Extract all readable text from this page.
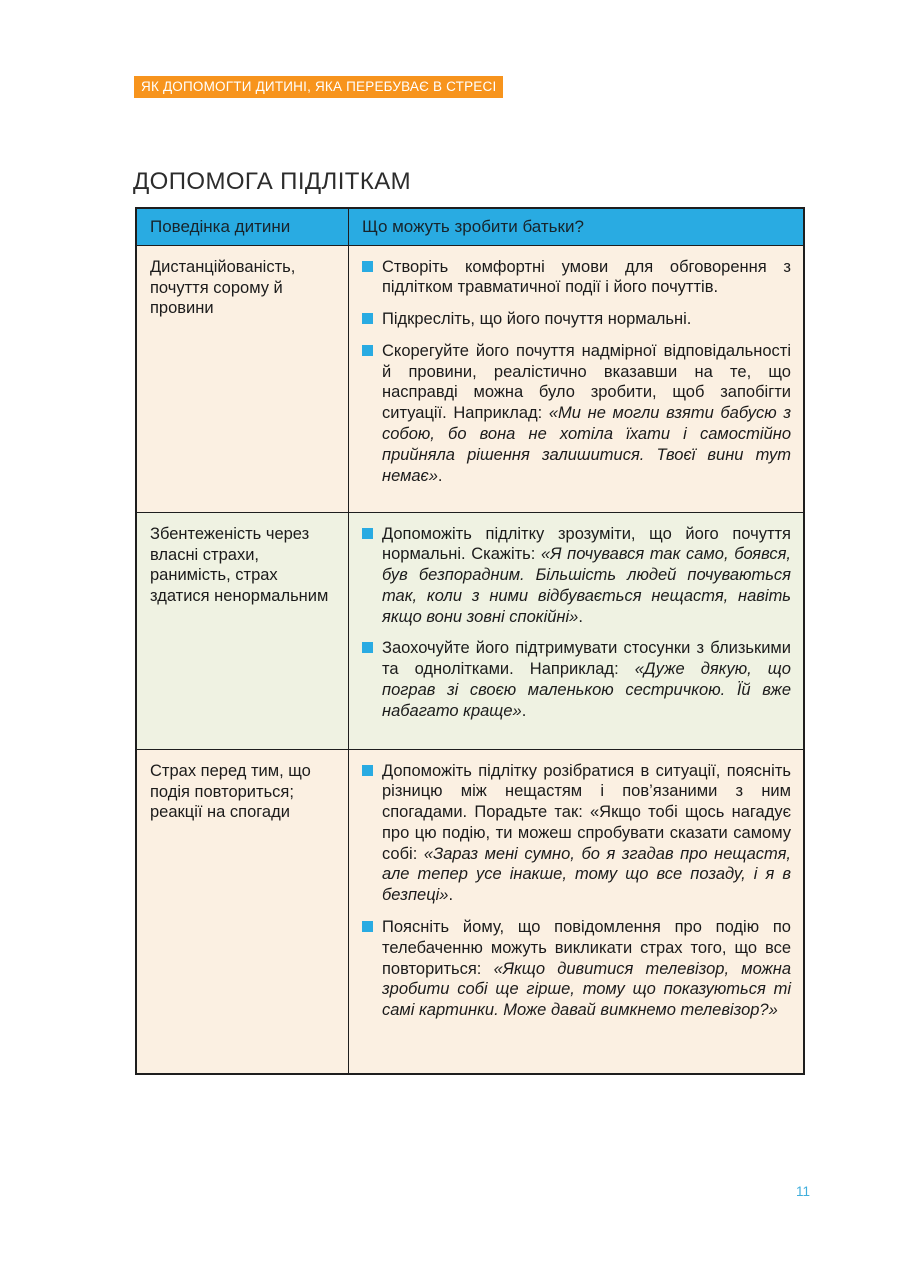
ЯК ДОПОМОГТИ ДИТИНІ, ЯКА ПЕРЕБУВАЄ В СТРЕСІ
ДОПОМОГА ПІДЛІТКАМ
Поведінка дитини	Що можуть зробити батьки?
Дистанційованість, почуття сорому й провини
Створіть комфортні умови для обговорення з підлітком травматичної події і його почуттів.
Підкресліть, що його почуття нормальні.
Скорегуйте його почуття надмірної відповідальності й провини, реалістично вказавши на те, що насправді можна було зробити, щоб запобігти ситуації. Наприклад: «Ми не могли взяти бабусю з собою, бо вона не хотіла їхати і самостійно прийняла рішення залишитися. Твоєї вини тут немає».
Збентеженість через власні страхи, ранимість, страх здатися ненормальним
Допоможіть підлітку зрозуміти, що його почуття нормальні. Скажіть: «Я почувався так само, боявся, був безпорадним. Більшість людей почуваються так, коли з ними відбувається нещастя, навіть якщо вони зовні спокійні».
Заохочуйте його підтримувати стосунки з близькими та однолітками. Наприклад: «Дуже дякую, що пограв зі своєю маленькою сестричкою. Їй вже набагато краще».
Страх перед тим, що подія повториться; реакції на спогади
Допоможіть підлітку розібратися в ситуації, поясніть різницю між нещастям і пов’язаними з ним спогадами. Порадьте так: «Якщо тобі щось нагадує про цю подію, ти можеш спробувати сказати самому собі: «Зараз мені сумно, бо я згадав про нещастя, але тепер усе інакше, тому що все позаду, і я в безпеці».
Поясніть йому, що повідомлення про подію по телебаченню можуть викликати страх того, що все повториться: «Якщо дивитися телевізор, можна зробити собі ще гірше, тому що показуються ті самі картинки. Може давай вимкнемо телевізор?»
11
